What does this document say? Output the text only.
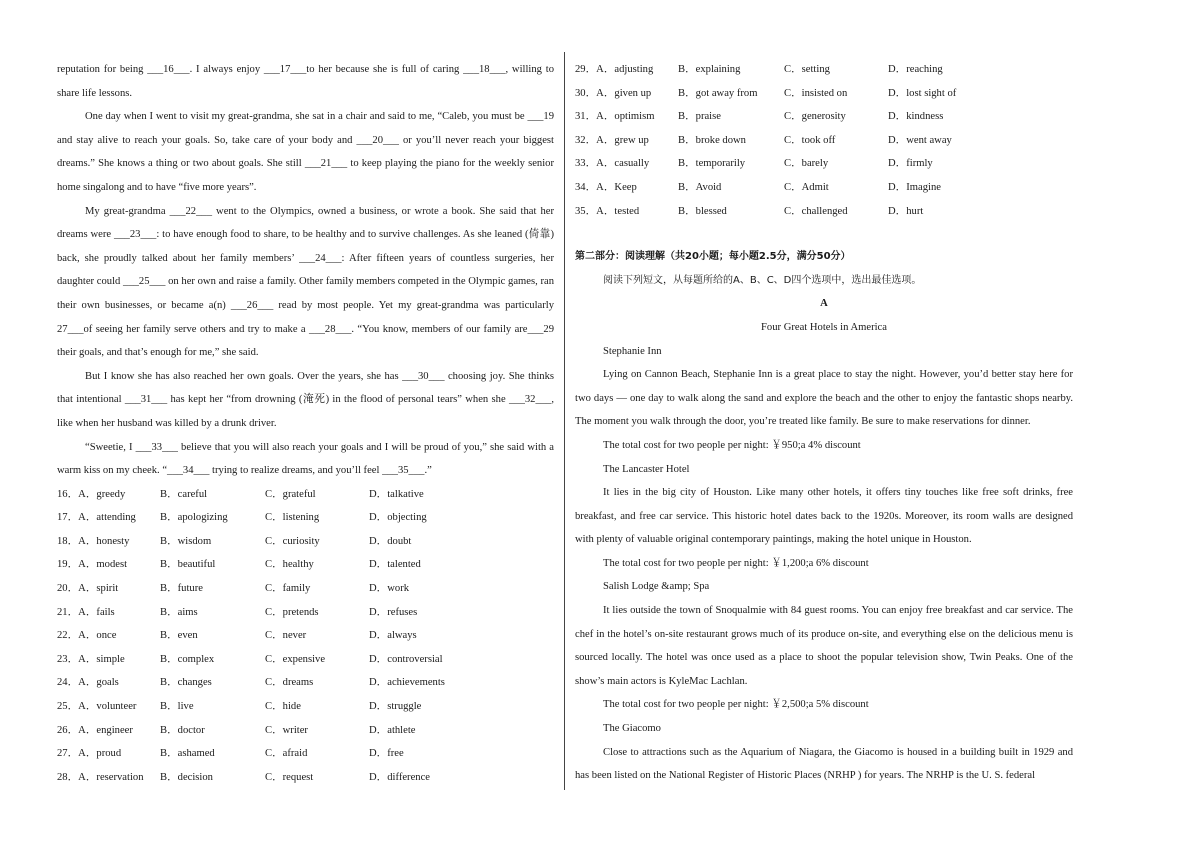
reputation for being ___16___. I always enjoy ___17___to her because she is full of caring ___18___, willing to share life lessons.

One day when I went to visit my great-grandma, she sat in a chair and said to me, “Caleb, you must be ___19 and stay alive to reach your goals. So, take care of your body and ___20___ or you’ll never reach your biggest dreams.” She knows a thing or two about goals. She still ___21___ to keep playing the piano for the weekly senior home singalong and to have “five more years”.

My great-grandma ___22___ went to the Olympics, owned a business, or wrote a book. She said that her dreams were ___23___: to have enough food to share, to be healthy and to survive challenges. As she leaned (倚靠) back, she proudly talked about her family members’ ___24___: After fifteen years of countless surgeries, her daughter could ___25___ on her own and raise a family. Other family members competed in the Olympic games, ran their own businesses, or became a(n) ___26___ read by most people. Yet my great-grandma was particularly 27___of seeing her family serve others and try to make a ___28___. “You know, members of our family are___29 their goals, and that’s enough for me,” she said.

But I know she has also reached her own goals. Over the years, she has ___30___ choosing joy. She thinks that intentional ___31___ has kept her “from drowning (淹死) in the flood of personal tears” when she ___32___, like when her husband was killed by a drunk driver.

“Sweetie, I ___33___ believe that you will also reach your goals and I will be proud of you,” she said with a warm kiss on my cheek. “___34___ trying to realize dreams, and you’ll feel ___35___.”

16．A．greedy	B．careful	C．grateful	D．talkative
17．A．attending	B．apologizing	C．listening	D．objecting
18．A．honesty	B．wisdom	C．curiosity	D．doubt
19．A．modest	B．beautiful	C．healthy	D．talented
20．A．spirit	B．future	C．family	D．work
21．A．fails	B．aims	C．pretends	D．refuses
22．A．once	B．even	C．never	D．always
23．A．simple	B．complex	C．expensive	D．controversial
24．A．goals	B．changes	C．dreams	D．achievements
25．A．volunteer	B．live	C．hide	D．struggle
26．A．engineer	B．doctor	C．writer	D．athlete
27．A．proud	B．ashamed	C．afraid	D．free
28．A．reservation	B．decision	C．request	D．difference
29．A．adjusting	B．explaining	C．setting	D．reaching
30．A．given up	B．got away from	C．insisted on	D．lost sight of
31．A．optimism	B．praise	C．generosity	D．kindness
32．A．grew up	B．broke down	C．took off	D．went away
33．A．casually	B．temporarily	C．barely	D．firmly
34．A．Keep	B．Avoid	C．Admit	D．Imagine
35．A．tested	B．blessed	C．challenged	D．hurt
第二部分：阅读理解（共20小题；每小题2.5分，满分50分）

阅读下列短文，从每题所给的A、B、C、D四个选项中，选出最佳选项。

A
Four Great Hotels in America

Stephanie Inn

Lying on Cannon Beach, Stephanie Inn is a great place to stay the night. However, you’d better stay here for two days — one day to walk along the sand and explore the beach and the other to enjoy the fantastic shops nearby. The moment you walk through the door, you’re treated like family. Be sure to make reservations for dinner.

The total cost for two people per night: ￥950;a 4% discount

The Lancaster Hotel

It lies in the big city of Houston. Like many other hotels, it offers tiny touches like free soft drinks, free breakfast, and free car service. This historic hotel dates back to the 1920s. Moreover, its room walls are designed with plenty of valuable original contemporary paintings, making the hotel unique in Houston.

The total cost for two people per night: ￥1,200;a 6% discount

Salish Lodge &amp; Spa

It lies outside the town of Snoqualmie with 84 guest rooms. You can enjoy free breakfast and car service. The chef in the hotel’s on-site restaurant grows much of its produce on-site, and everything else on the delicious menu is sourced locally. The hotel was once used as a place to shoot the popular television show, Twin Peaks. One of the show’s main actors is KyleMac Lachlan.

The total cost for two people per night: ￥2,500;a 5% discount

The Giacomo

Close to attractions such as the Aquarium of Niagara, the Giacomo is housed in a building built in 1929 and has been listed on the National Register of Historic Places (NRHP ) for years. The NRHP is the U. S. federal
